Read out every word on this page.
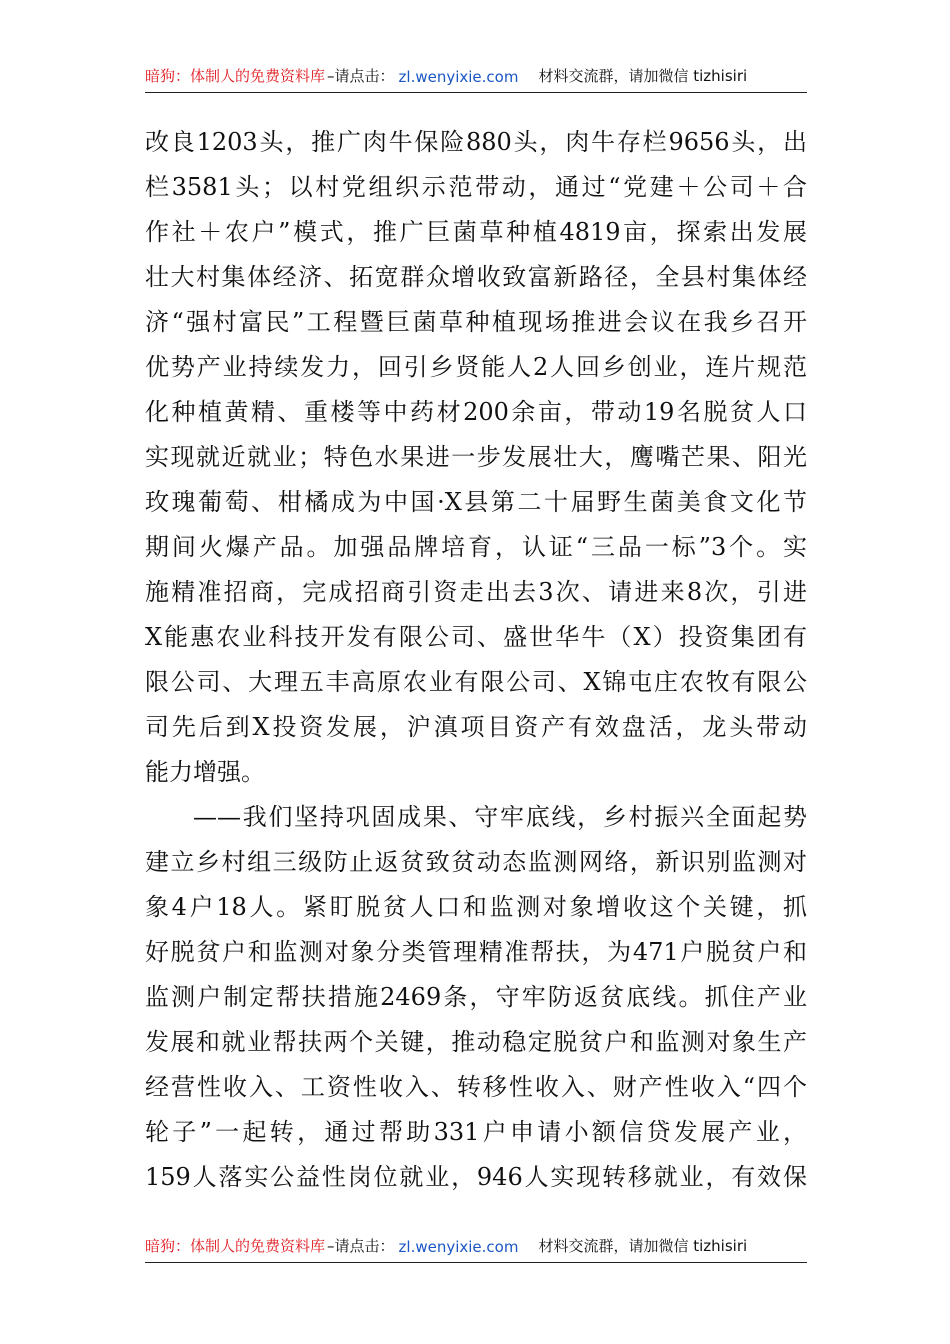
暗狗：体制人的免费资料库 –请点击： zl.wenyixie.com 材料交流群，请加微信 tizhisiri
改良1203头，推广肉牛保险880头，肉牛存栏9656头，出
栏3581头；以村党组织示范带动，通过“党建＋公司＋合
作社＋农户”模式，推广巨菌草种植4819亩，探索出发展
壮大村集体经济、拓宽群众增收致富新路径，全县村集体经
济“强村富民”工程暨巨菌草种植现场推进会议在我乡召开
优势产业持续发力，回引乡贤能人2人回乡创业，连片规范
化种植黄精、重楼等中药材200余亩，带动19名脱贫人口
实现就近就业；特色水果进一步发展壮大，鹰嘴芒果、阳光
玫瑰葡萄、柑橘成为中国·X县第二十届野生菌美食文化节
期间火爆产品。加强品牌培育，认证“三品一标”3个。实
施精准招商，完成招商引资走出去3次、请进来8次，引进
X能惠农业科技开发有限公司、盛世华牛（X）投资集团有
限公司、大理五丰高原农业有限公司、X锦屯庄农牧有限公
司先后到X投资发展，沪滇项目资产有效盘活，龙头带动
能力增强。
——我们坚持巩固成果、守牢底线，乡村振兴全面起势
建立乡村组三级防止返贫致贫动态监测网络，新识别监测对
象4户18人。紧盯脱贫人口和监测对象增收这个关键，抓
好脱贫户和监测对象分类管理精准帮扶，为471户脱贫户和
监测户制定帮扶措施2469条，守牢防返贫底线。抓住产业
发展和就业帮扶两个关键，推动稳定脱贫户和监测对象生产
经营性收入、工资性收入、转移性收入、财产性收入“四个
轮子”一起转，通过帮助331户申请小额信贷发展产业，
159人落实公益性岗位就业，946人实现转移就业，有效保
暗狗：体制人的免费资料库 –请点击： zl.wenyixie.com 材料交流群，请加微信 tizhisiri
